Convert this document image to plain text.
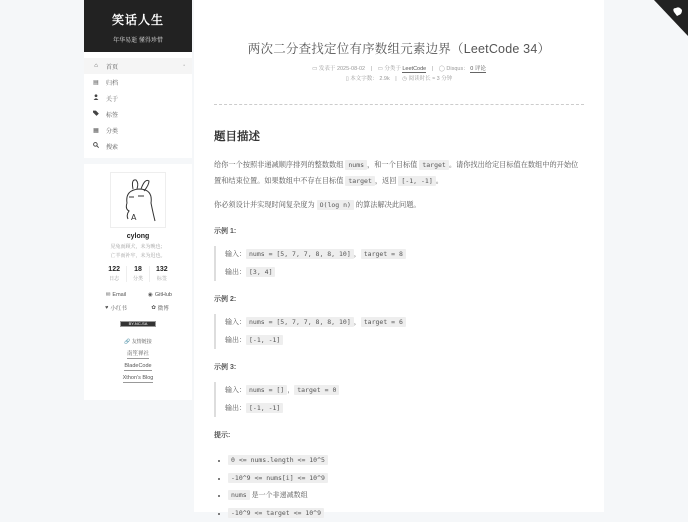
笑话人生
年华易逝 懂得珍惜
⌂	首页	•
▤ 归档
关于
标签
▦ 分类
搜索
A
cylong
见兔而顾犬，未为晚也；
亡羊而补牢，未为迟也。
122
日志
18
分类
132
标签
✉ Email	◉ GitHub
♥ 小红书	✿ 微博
BY-NC-SA
🔗 友情链接
南笙禅社
BladeCode
Xthon's Blog
两次二分查找定位有序数组元素边界（LeetCode 34）
▭ 发表于 2025-08-02 | ▭ 分类于 LeetCode | ◯ Disqus： 0 评论
▯ 本文字数： 2.9k | ◷ 阅读时长 ≈ 3 分钟
题目描述

给你一个按照非递减顺序排列的整数数组 nums ，和一个目标值 target 。请你找出给定目标值在数组中的开始位置和结束位置。如果数组中不存在目标值 target ，返回 [-1, -1] 。

你必须设计并实现时间复杂度为 O(log n) 的算法解决此问题。

示例 1:
输入： nums = [5, 7, 7, 8, 8, 10] ， target = 8
输出： [3, 4]
示例 2:
输入： nums = [5, 7, 7, 8, 8, 10] ， target = 6
输出： [-1, -1]
示例 3:
输入： nums = [] ， target = 0
输出： [-1, -1]
提示:
• 0 <= nums.length <= 10^5
• -10^9 <= nums[i] <= 10^9
• nums 是一个非递减数组
• -10^9 <= target <= 10^9
